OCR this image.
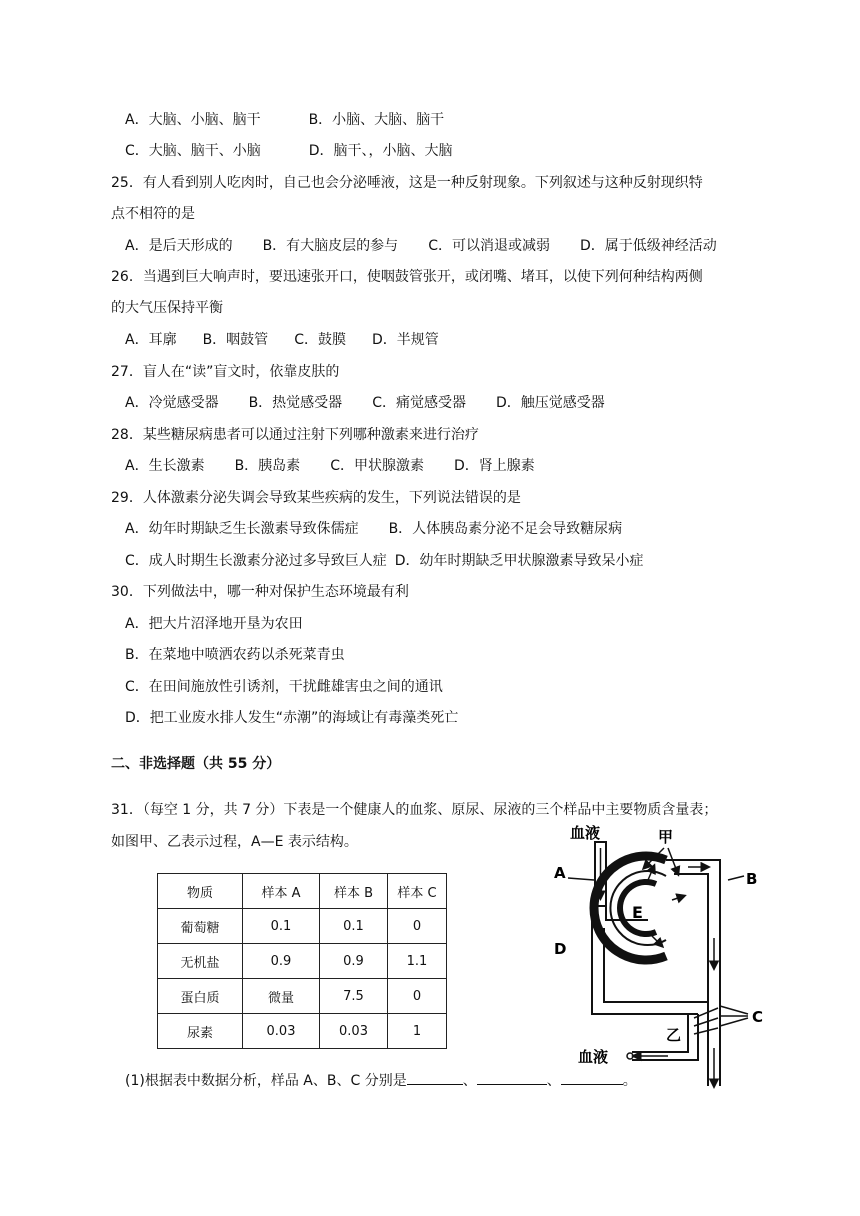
A．大脑、小脑、脑干	B．小脑、大脑、脑干
C．大脑、脑干、小脑	D．脑干、，小脑、大脑
25．有人看到别人吃肉时，自己也会分泌唾液，这是一种反射现象。下列叙述与这种反射现织特
点不相符的是
A．是后天形成的 B．有大脑皮层的参与 C．可以消退或减弱 D．属于低级神经活动
26．当遇到巨大响声时，要迅速张开口，使咽鼓管张开，或闭嘴、堵耳，以使下列何种结构两侧
的大气压保持平衡
A．耳廓 B．咽鼓管 C．鼓膜 D．半规管
27．盲人在“读”盲文时，依靠皮肤的
A．冷觉感受器 B．热觉感受器 C．痛觉感受器 D．触压觉感受器
28．某些糖尿病患者可以通过注射下列哪种激素来进行治疗
A．生长激素 B．胰岛素 C．甲状腺激素 D．肾上腺素
29．人体激素分泌失调会导致某些疾病的发生，下列说法错误的是
A．幼年时期缺乏生长激素导致侏儒症 B．人体胰岛素分泌不足会导致糖尿病
C．成人时期生长激素分泌过多导致巨人症 D．幼年时期缺乏甲状腺激素导致呆小症
30．下列做法中，哪一种对保护生态环境最有利
A．把大片沼泽地开垦为农田
B．在菜地中喷洒农药以杀死菜青虫
C．在田间施放性引诱剂，干扰雌雄害虫之间的通讯
D．把工业废水排人发生“赤潮”的海域让有毒藻类死亡
二、非选择题（共 55 分）
31．（每空 1 分，共 7 分）下表是一个健康人的血浆、原尿、尿液的三个样品中主要物质含量表；
如图甲、乙表示过程，A—E 表示结构。
物质	样本 A	样本 B	样本 C
葡萄糖	0.1	0.1	0
无机盐	0.9	0.9	1.1
蛋白质	微量	7.5	0
尿素	0.03	0.03	1
(1)根据表中数据分析，样品 A、B、C 分别是	、	、	。
血液	甲
A
E
D
B
C
乙
血液
